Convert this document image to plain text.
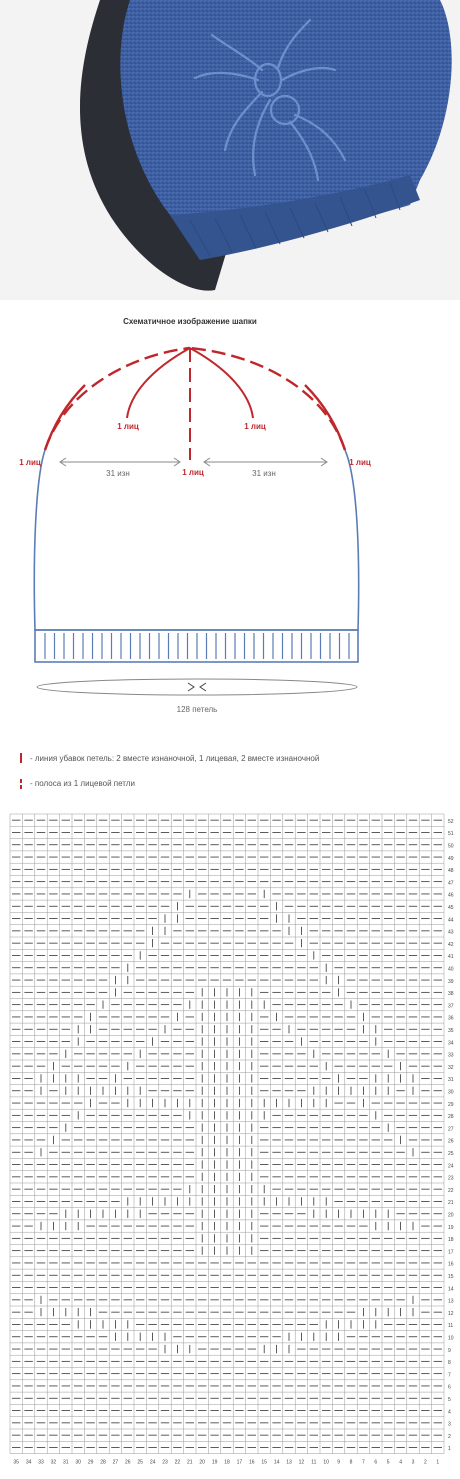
Схематичное изображение шапки
128 петель
31 изн	31 изн
1 лиц	1 лиц
1 лиц	1 лиц
1 лиц
- линия убавок петель: 2 вместе изнаночной, 1 лицевая, 2 вместе изнаночной
- полоса из 1 лицевой петли
52
51
50
49
48
47
46
45
44
43
42
41
40
39
38
37
36
35
34
33
32
31
30
29
28
27
26
25
24
23
22
21
20
19
18
17
16
15
14
13
12
11
10
9
8
7
6
5
4
3
2
1
35 34 33 32 31 30 29 28 27 26 25 24 23 22 21 20 19 18 17 16 15 14 13 12 11 10 9 8 7 6 5 4 3 2 1
